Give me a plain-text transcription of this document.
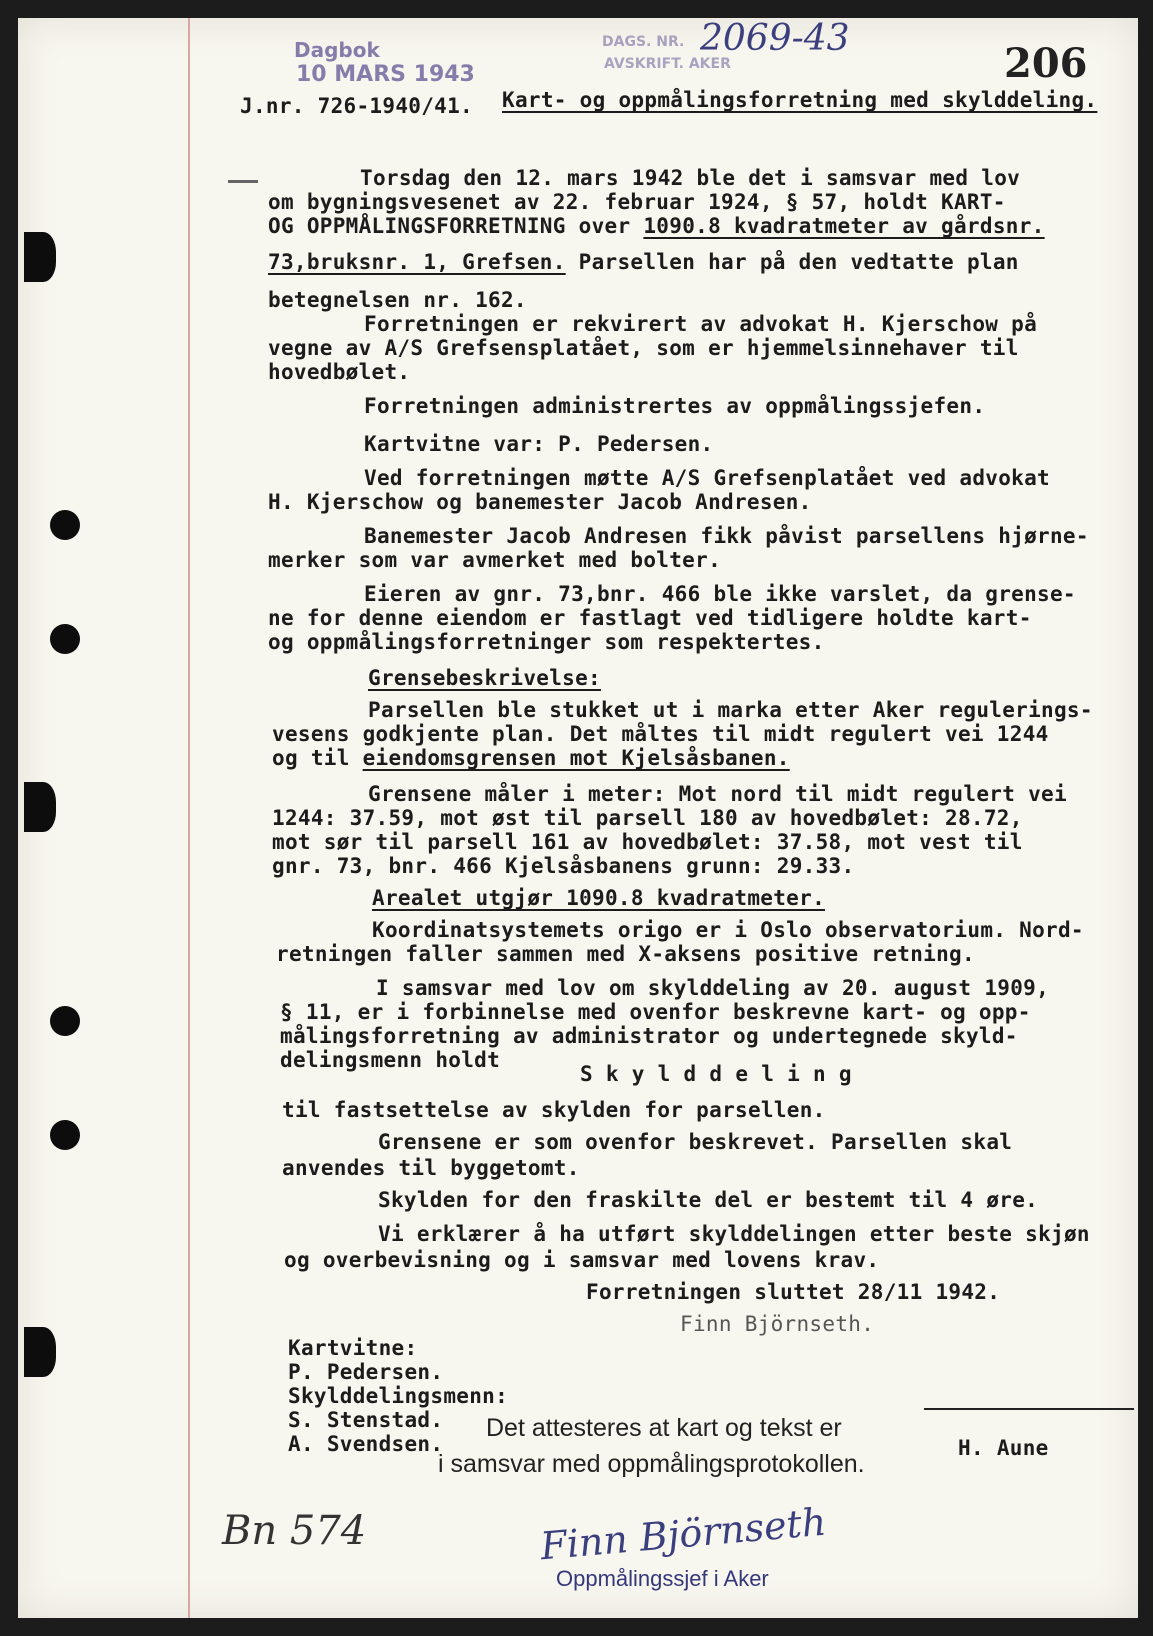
Dagbok
10 MARS 1943
DAGS. NR. 2069-43
AVSKRIFT. AKER	206
J.nr. 726-1940/41. Kart- og oppmålingsforretning med skylddeling.
Torsdag den 12. mars 1942 ble det i samsvar med lov
om bygningsvesenet av 22. februar 1924, § 57, holdt KART-
OG OPPMÅLINGSFORRETNING over 1090.8 kvadratmeter av gårdsnr.
73,bruksnr. 1, Grefsen. Parsellen har på den vedtatte plan
betegnelsen nr. 162.
Forretningen er rekvirert av advokat H. Kjerschow på
vegne av A/S Grefsensplatået, som er hjemmelsinnehaver til
hovedbølet.
Forretningen administrertes av oppmålingssjefen.
Kartvitne var: P. Pedersen.
Ved forretningen møtte A/S Grefsenplatået ved advokat
H. Kjerschow og banemester Jacob Andresen.
Banemester Jacob Andresen fikk påvist parsellens hjørne-
merker som var avmerket med bolter.
Eieren av gnr. 73,bnr. 466 ble ikke varslet, da grense-
ne for denne eiendom er fastlagt ved tidligere holdte kart-
og oppmålingsforretninger som respektertes.
Grensebeskrivelse:
Parsellen ble stukket ut i marka etter Aker regulerings-
vesens godkjente plan. Det måltes til midt regulert vei 1244
og til eiendomsgrensen mot Kjelsåsbanen.
Grensene måler i meter: Mot nord til midt regulert vei
1244: 37.59, mot øst til parsell 180 av hovedbølet: 28.72,
mot sør til parsell 161 av hovedbølet: 37.58, mot vest til
gnr. 73, bnr. 466 Kjelsåsbanens grunn: 29.33.
Arealet utgjør 1090.8 kvadratmeter.
Koordinatsystemets origo er i Oslo observatorium. Nord-
retningen faller sammen med X-aksens positive retning.
I samsvar med lov om skylddeling av 20. august 1909,
§ 11, er i forbinnelse med ovenfor beskrevne kart- og opp-
målingsforretning av administrator og undertegnede skyld-
delingsmenn holdt
S k y l d d e l i n g
til fastsettelse av skylden for parsellen.
Grensene er som ovenfor beskrevet. Parsellen skal
anvendes til byggetomt.
Skylden for den fraskilte del er bestemt til 4 øre.
Vi erklærer å ha utført skylddelingen etter beste skjøn
og overbevisning og i samsvar med lovens krav.
Forretningen sluttet 28/11 1942.
Finn Björnseth.
Kartvitne:
P. Pedersen.
Skylddelingsmenn:
S. Stenstad.
A. Svendsen.
Det attesteres at kart og tekst er
i samsvar med oppmålingsprotokollen.
H. Aune
Bn 574	Finn Björnseth
Oppmålingssjef i Aker
